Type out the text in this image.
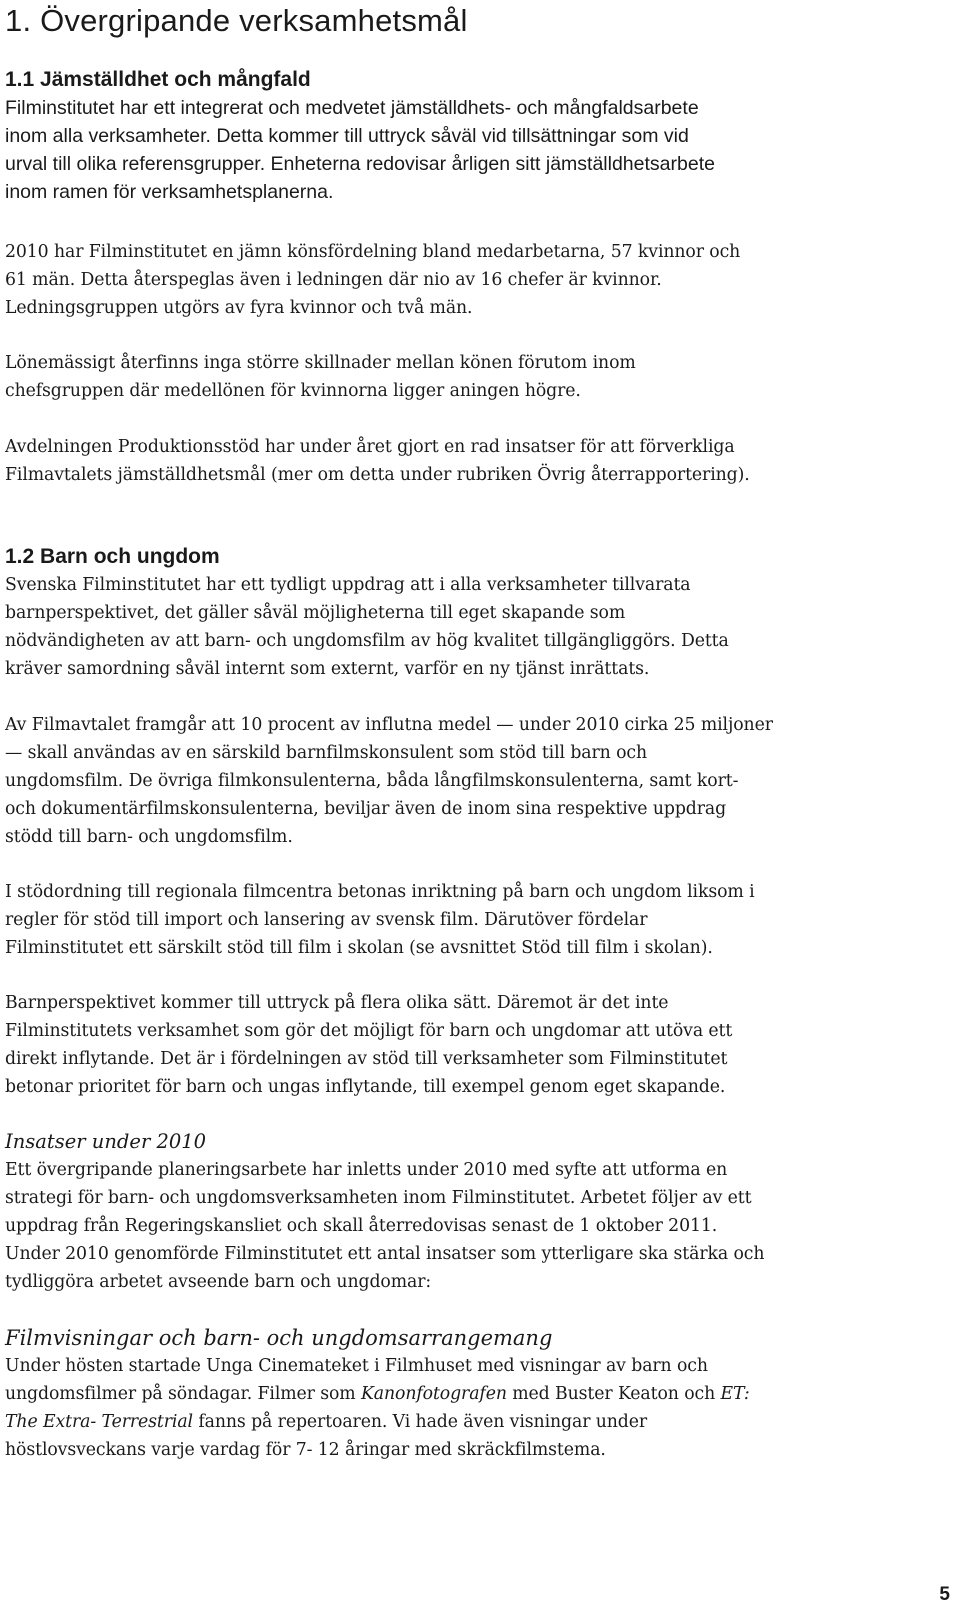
1. Övergripande verksamhetsmål
1.1 Jämställdhet och mångfald
Filminstitutet har ett integrerat och medvetet jämställdhets- och mångfaldsarbete
inom alla verksamheter. Detta kommer till uttryck såväl vid tillsättningar som vid
urval till olika referensgrupper. Enheterna redovisar årligen sitt jämställdhetsarbete
inom ramen för verksamhetsplanerna.
2010 har Filminstitutet en jämn könsfördelning bland medarbetarna, 57 kvinnor och
61 män. Detta återspeglas även i ledningen där nio av 16 chefer är kvinnor.
Ledningsgruppen utgörs av fyra kvinnor och två män.
Lönemässigt återfinns inga större skillnader mellan könen förutom inom
chefsgruppen där medellönen för kvinnorna ligger aningen högre.
Avdelningen Produktionsstöd har under året gjort en rad insatser för att förverkliga
Filmavtalets jämställdhetsmål (mer om detta under rubriken Övrig återrapportering).
1.2 Barn och ungdom
Svenska Filminstitutet har ett tydligt uppdrag att i alla verksamheter tillvarata
barnperspektivet, det gäller såväl möjligheterna till eget skapande som
nödvändigheten av att barn- och ungdomsfilm av hög kvalitet tillgängliggörs. Detta
kräver samordning såväl internt som externt, varför en ny tjänst inrättats.
Av Filmavtalet framgår att 10 procent av influtna medel — under 2010 cirka 25 miljoner
— skall användas av en särskild barnfilmskonsulent som stöd till barn och
ungdomsfilm. De övriga filmkonsulenterna, båda långfilmskonsulenterna, samt kort-
och dokumentärfilmskonsulenterna, beviljar även de inom sina respektive uppdrag
stödd till barn- och ungdomsfilm.
I stödordning till regionala filmcentra betonas inriktning på barn och ungdom liksom i
regler för stöd till import och lansering av svensk film. Därutöver fördelar
Filminstitutet ett särskilt stöd till film i skolan (se avsnittet Stöd till film i skolan).
Barnperspektivet kommer till uttryck på flera olika sätt. Däremot är det inte
Filminstitutets verksamhet som gör det möjligt för barn och ungdomar att utöva ett
direkt inflytande. Det är i fördelningen av stöd till verksamheter som Filminstitutet
betonar prioritet för barn och ungas inflytande, till exempel genom eget skapande.
Insatser under 2010
Ett övergripande planeringsarbete har inletts under 2010 med syfte att utforma en
strategi för barn- och ungdomsverksamheten inom Filminstitutet. Arbetet följer av ett
uppdrag från Regeringskansliet och skall återredovisas senast de 1 oktober 2011.
Under 2010 genomförde Filminstitutet ett antal insatser som ytterligare ska stärka och
tydliggöra arbetet avseende barn och ungdomar:
Filmvisningar och barn- och ungdomsarrangemang
Under hösten startade Unga Cinemateket i Filmhuset med visningar av barn och
ungdomsfilmer på söndagar. Filmer som Kanonfotografen med Buster Keaton och ET:
The Extra- Terrestrial fanns på repertoaren. Vi hade även visningar under
höstlovsveckans varje vardag för 7- 12 åringar med skräckfilmstema.
5
